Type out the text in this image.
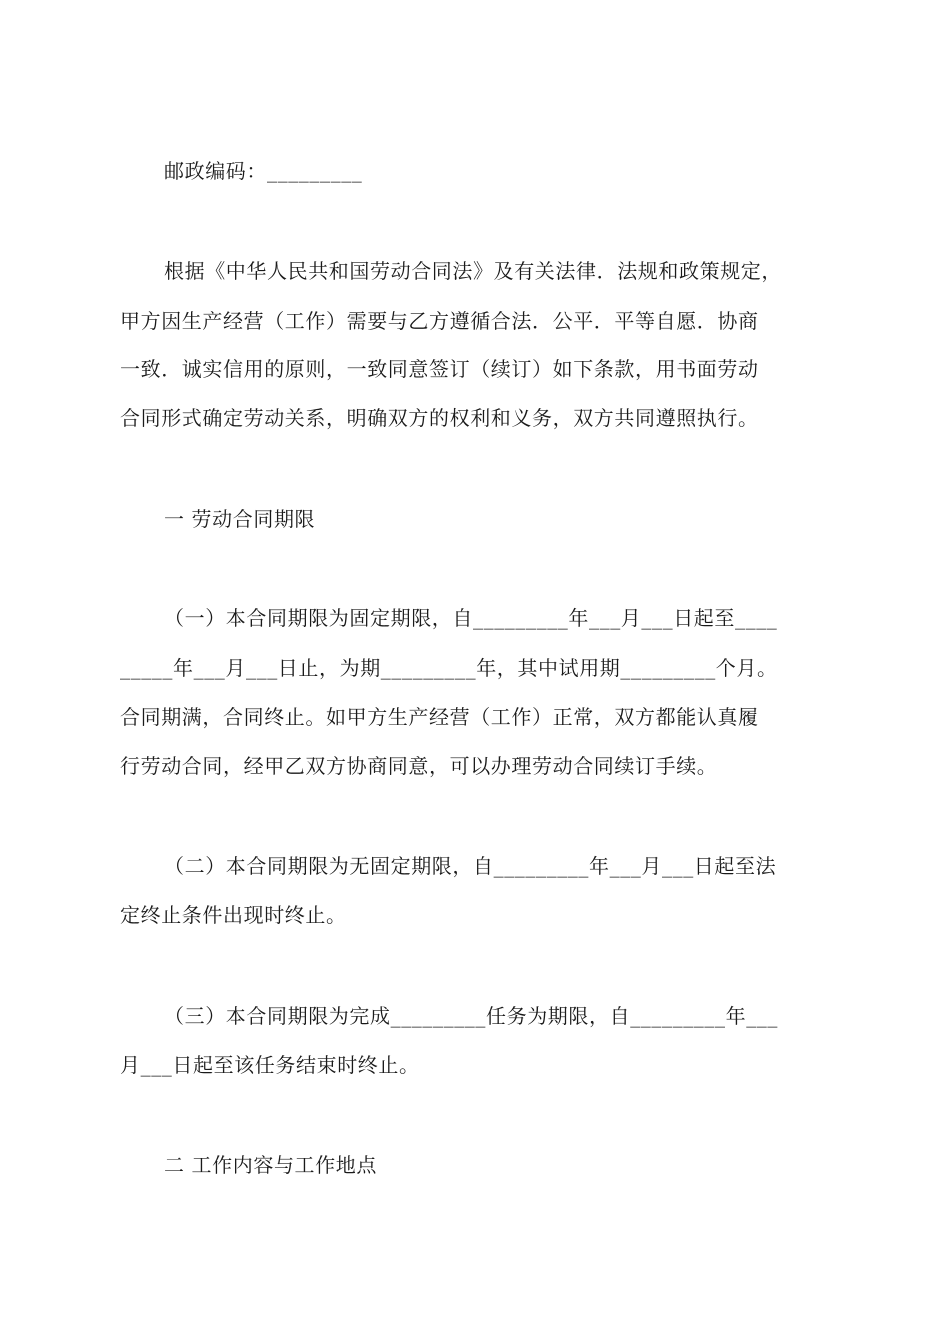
邮政编码：_________
根据《中华人民共和国劳动合同法》及有关法律．法规和政策规定，
甲方因生产经营（工作）需要与乙方遵循合法．公平．平等自愿．协商
一致．诚实信用的原则，一致同意签订（续订）如下条款，用书面劳动
合同形式确定劳动关系，明确双方的权利和义务，双方共同遵照执行。
一 劳动合同期限
（一）本合同期限为固定期限，自_________年___月___日起至____
_____年___月___日止，为期_________年，其中试用期_________个月。
合同期满，合同终止。如甲方生产经营（工作）正常，双方都能认真履
行劳动合同，经甲乙双方协商同意，可以办理劳动合同续订手续。
（二）本合同期限为无固定期限，自_________年___月___日起至法
定终止条件出现时终止。
（三）本合同期限为完成_________任务为期限，自_________年___
月___日起至该任务结束时终止。
二 工作内容与工作地点
